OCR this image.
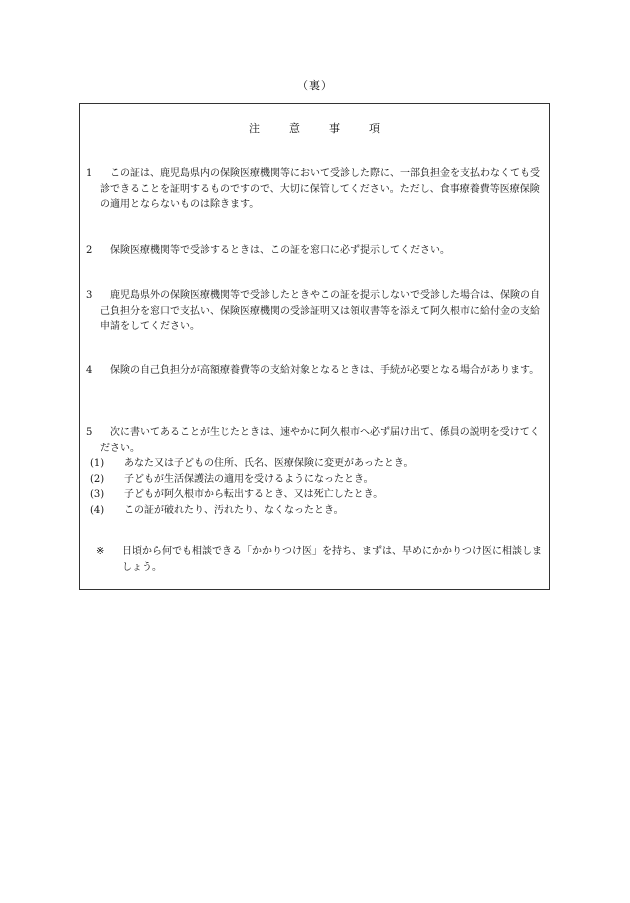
（裏）
注　意　事　項
1	この証は、鹿児島県内の保険医療機関等において受診した際に、一部負担金を支払わなくても受診できることを証明するものですので、大切に保管してください。ただし、食事療養費等医療保険の適用とならないものは除きます。
2	保険医療機関等で受診するときは、この証を窓口に必ず提示してください。
3	鹿児島県外の保険医療機関等で受診したときやこの証を提示しないで受診した場合は、保険の自己負担分を窓口で支払い、保険医療機関の受診証明又は領収書等を添えて阿久根市に給付金の支給申請をしてください。
4	保険の自己負担分が高額療養費等の支給対象となるときは、手続が必要となる場合があります。
5	次に書いてあることが生じたときは、速やかに阿久根市へ必ず届け出て、係員の説明を受けてください。
(1) あなた又は子どもの住所、氏名、医療保険に変更があったとき。
(2) 子どもが生活保護法の適用を受けるようになったとき。
(3) 子どもが阿久根市から転出するとき、又は死亡したとき。
(4) この証が破れたり、汚れたり、なくなったとき。
※ 日頃から何でも相談できる「かかりつけ医」を持ち、まずは、早めにかかりつけ医に相談しましょう。
